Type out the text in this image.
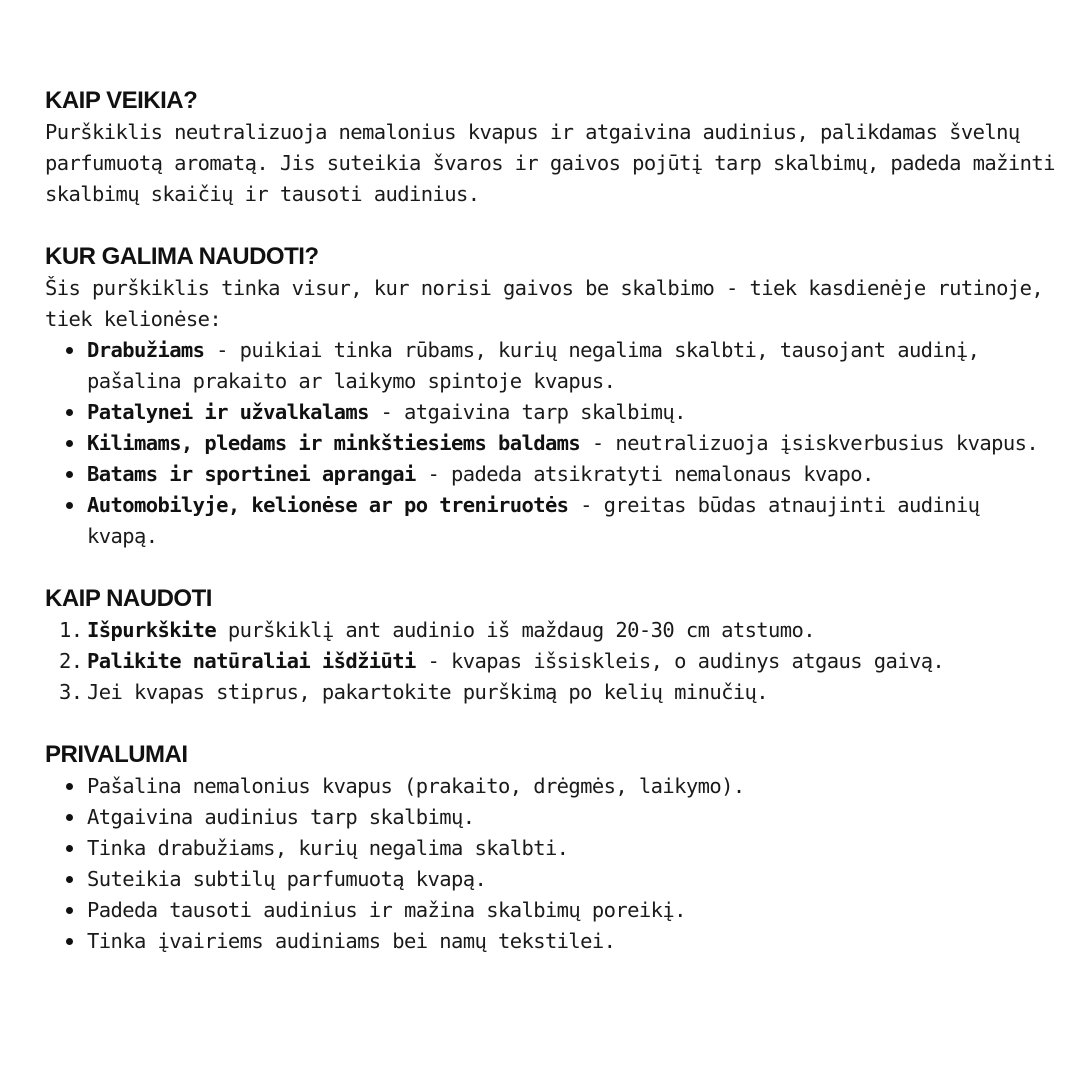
KAIP VEIKIA?

Purškiklis neutralizuoja nemalonius kvapus ir atgaivina audinius, palikdamas švelnų parfumuotą aromatą. Jis suteikia švaros ir gaivos pojūtį tarp skalbimų, padeda mažinti skalbimų skaičių ir tausoti audinius.

KUR GALIMA NAUDOTI?

Šis purškiklis tinka visur, kur norisi gaivos be skalbimo - tiek kasdienėje rutinoje, tiek kelionėse:

Drabužiams - puikiai tinka rūbams, kurių negalima skalbti, tausojant audinį, pašalina prakaito ar laikymo spintoje kvapus.
Patalynei ir užvalkalams - atgaivina tarp skalbimų.
Kilimams, pledams ir minkštiesiems baldams - neutralizuoja įsiskverbusius kvapus.
Batams ir sportinei aprangai - padeda atsikratyti nemalonaus kvapo.
Automobilyje, kelionėse ar po treniruotės - greitas būdas atnaujinti audinių kvapą.
KAIP NAUDOTI
1. Išpurkškite purškiklį ant audinio iš maždaug 20-30 cm atstumo.
2. Palikite natūraliai išdžiūti - kvapas išsiskleis, o audinys atgaus gaivą.
3. Jei kvapas stiprus, pakartokite purškimą po kelių minučių.
PRIVALUMAI
Pašalina nemalonius kvapus (prakaito, drėgmės, laikymo).
Atgaivina audinius tarp skalbimų.
Tinka drabužiams, kurių negalima skalbti.
Suteikia subtilų parfumuotą kvapą.
Padeda tausoti audinius ir mažina skalbimų poreikį.
Tinka įvairiems audiniams bei namų tekstilei.
